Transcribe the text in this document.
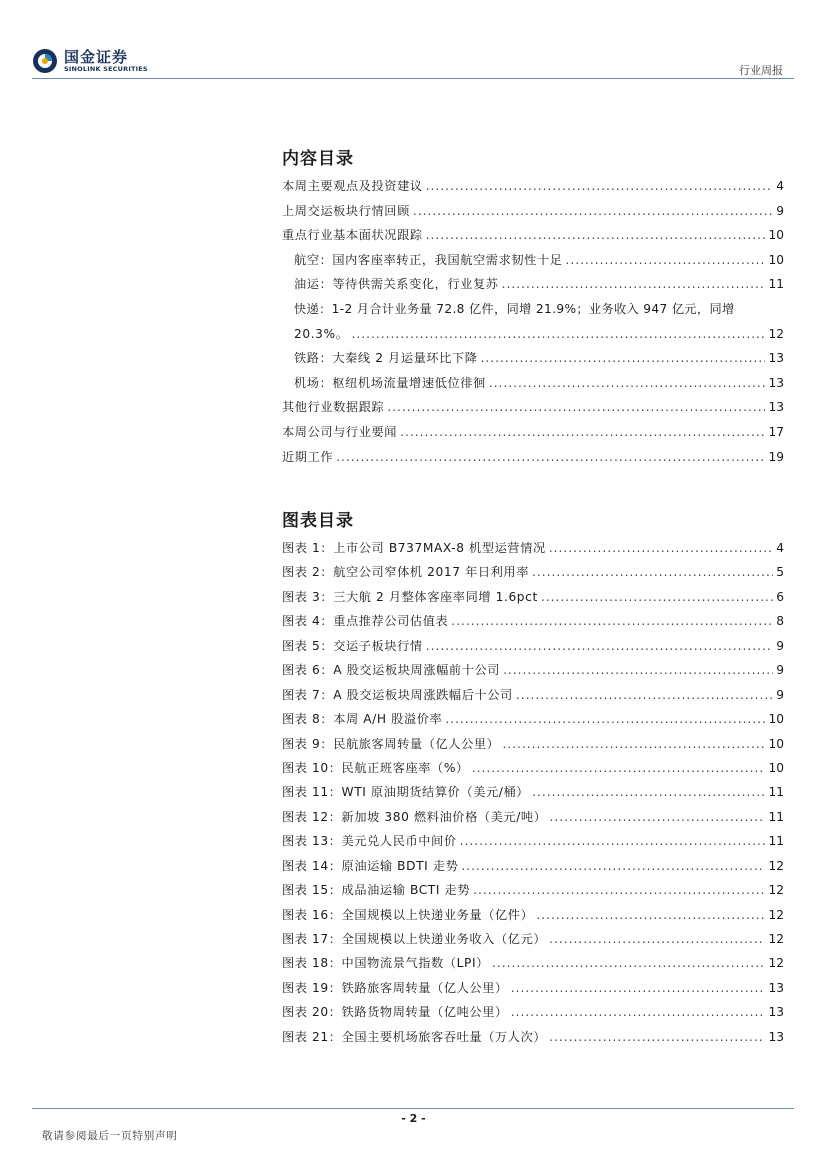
国金证券
SINOLINK SECURITIES	行业周报
内容目录
本周主要观点及投资建议 .....	4
上周交运板块行情回顾 .....	9
重点行业基本面状况跟踪 .....	10
航空：国内客座率转正，我国航空需求韧性十足 .....	10
油运：等待供需关系变化，行业复苏 .....	11
快递：1-2 月合计业务量 72.8 亿件，同增 21.9%；业务收入 947 亿元，同增
20.3%。 .....	12
铁路：大秦线 2 月运量环比下降 .....	13
机场：枢纽机场流量增速低位徘徊 .....	13
其他行业数据跟踪 .....	13
本周公司与行业要闻 .....	17
近期工作 .....	19
图表目录
图表 1：上市公司 B737MAX-8 机型运营情况 .....	4
图表 2：航空公司窄体机 2017 年日利用率 .....	5
图表 3：三大航 2 月整体客座率同增 1.6pct .....	6
图表 4：重点推荐公司估值表 .....	8
图表 5：交运子板块行情 .....	9
图表 6：A 股交运板块周涨幅前十公司 .....	9
图表 7：A 股交运板块周涨跌幅后十公司 .....	9
图表 8：本周 A/H 股溢价率 .....	10
图表 9：民航旅客周转量（亿人公里） .....	10
图表 10：民航正班客座率（%） .....	10
图表 11：WTI 原油期货结算价（美元/桶） .....	11
图表 12：新加坡 380 燃料油价格（美元/吨） .....	11
图表 13：美元兑人民币中间价 .....	11
图表 14：原油运输 BDTI 走势 .....	12
图表 15：成品油运输 BCTI 走势 .....	12
图表 16：全国规模以上快递业务量（亿件） .....	12
图表 17：全国规模以上快递业务收入（亿元） .....	12
图表 18：中国物流景气指数（LPI） .....	12
图表 19：铁路旅客周转量（亿人公里） .....	13
图表 20：铁路货物周转量（亿吨公里） .....	13
图表 21：全国主要机场旅客吞吐量（万人次） .....	13
- 2 -
敬请参阅最后一页特别声明
